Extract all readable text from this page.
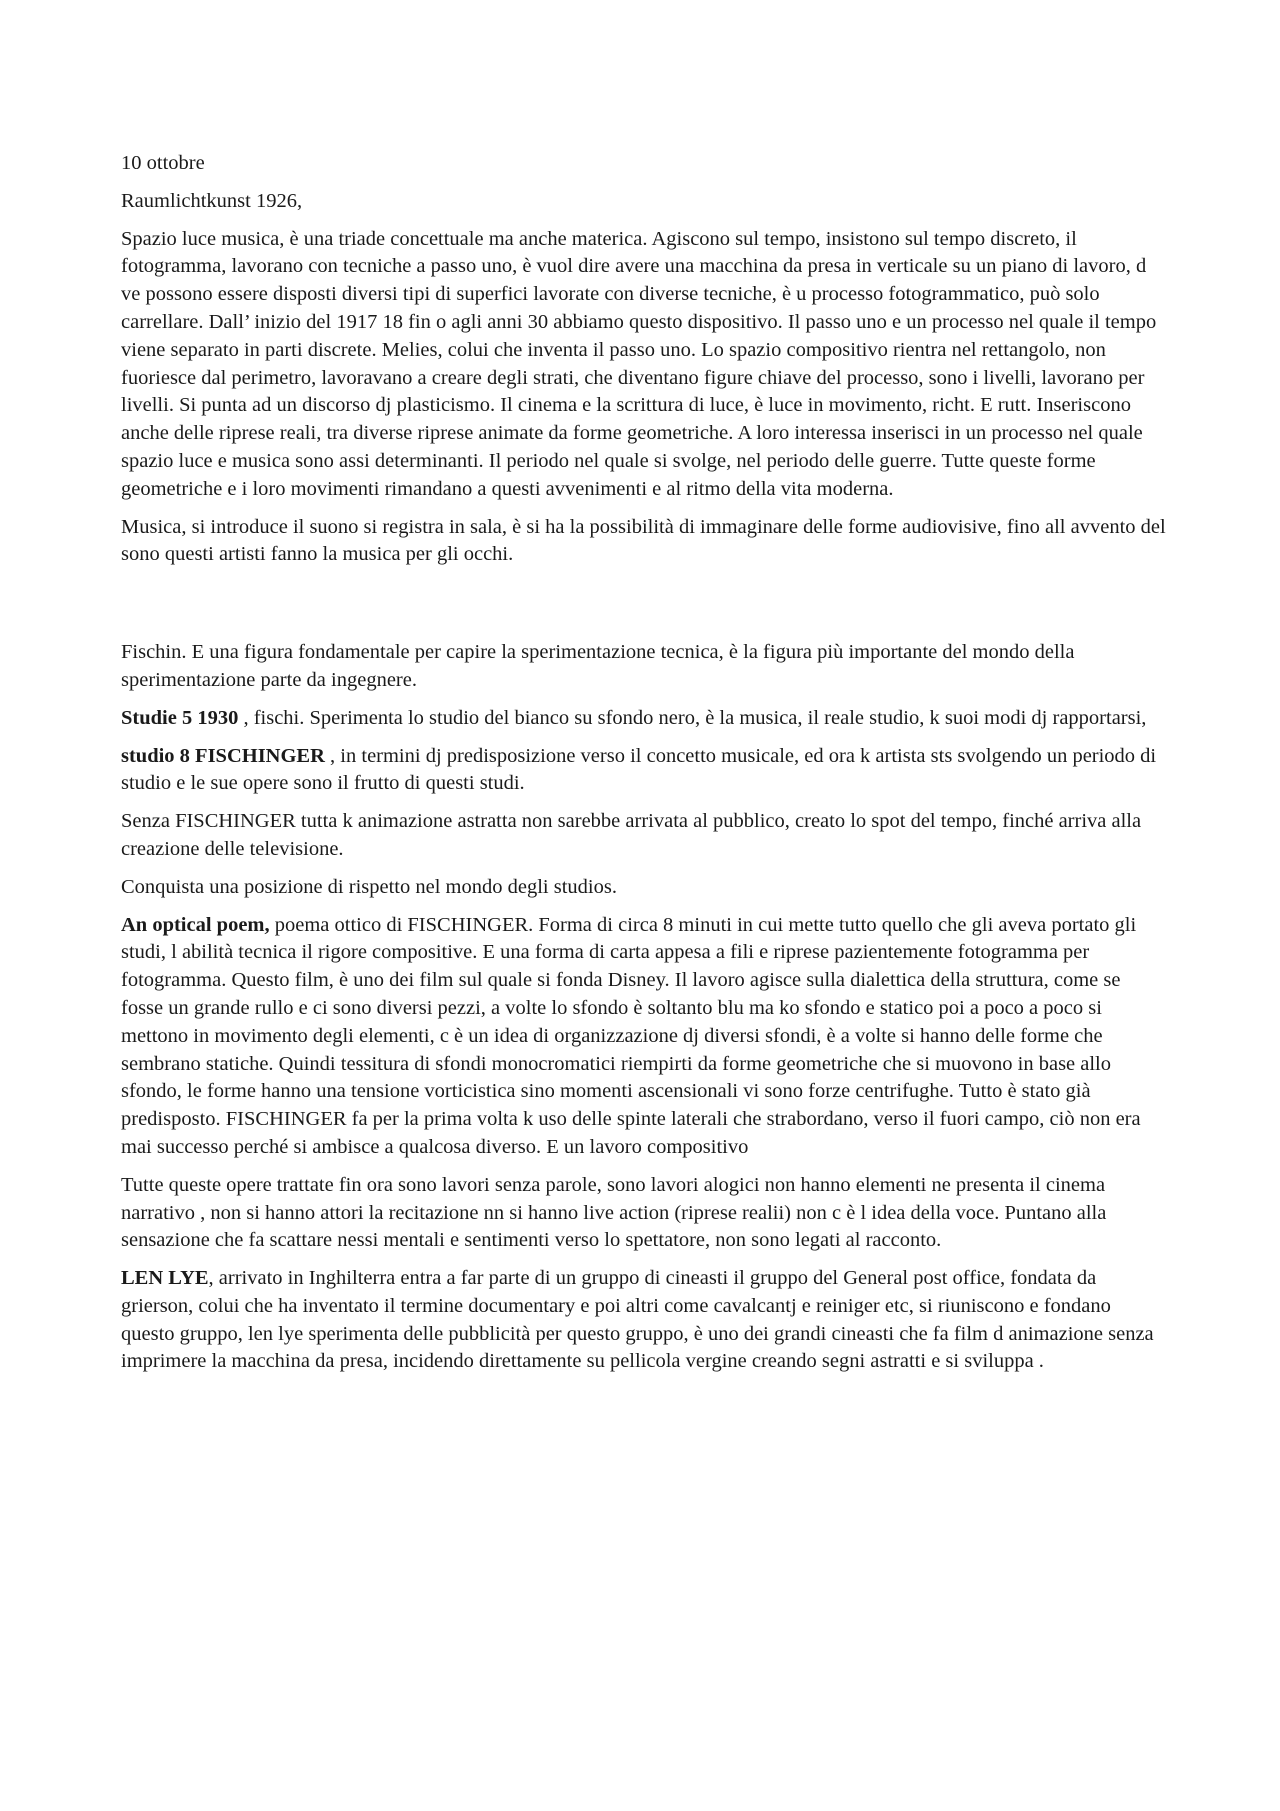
10 ottobre

Raumlichtkunst 1926,

Spazio luce musica, è una triade concettuale ma anche materica. Agiscono sul tempo, insistono sul tempo discreto, il fotogramma, lavorano con tecniche a passo uno, è vuol dire avere una macchina da presa in verticale su un piano di lavoro, d ve possono essere disposti diversi tipi di superfici lavorate con diverse tecniche, è u processo fotogrammatico, può solo carrellare. Dall’ inizio del 1917 18 fin o agli anni 30 abbiamo questo dispositivo. Il passo uno e un processo nel quale il tempo viene separato in parti discrete. Melies, colui che inventa il passo uno. Lo spazio compositivo rientra nel rettangolo, non fuoriesce dal perimetro, lavoravano a creare degli strati, che diventano figure chiave del processo, sono i livelli, lavorano per livelli. Si punta ad un discorso dj plasticismo. Il cinema e la scrittura di luce, è luce in movimento, richt. E rutt. Inseriscono anche delle riprese reali, tra diverse riprese animate da forme geometriche. A loro interessa inserisci in un processo nel quale spazio luce e musica sono assi determinanti. Il periodo nel quale si svolge, nel periodo delle guerre. Tutte queste forme geometriche e i loro movimenti rimandano a questi avvenimenti e al ritmo della vita moderna.

Musica, si introduce il suono si registra in sala, è si ha la possibilità di immaginare delle forme audiovisive, fino all avvento del sono questi artisti fanno la musica per gli occhi.

Fischin. E una figura fondamentale per capire la sperimentazione tecnica, è la figura più importante del mondo della sperimentazione parte da ingegnere.

Studie 5 1930 , fischi. Sperimenta lo studio del bianco su sfondo nero, è la musica, il reale studio, k suoi modi dj rapportarsi,

studio 8 FISCHINGER , in termini dj predisposizione verso il concetto musicale, ed ora k artista sts svolgendo un periodo di studio e le sue opere sono il frutto di questi studi.

Senza FISCHINGER tutta k animazione astratta non sarebbe arrivata al pubblico, creato lo spot del tempo, finché arriva alla creazione delle televisione.

Conquista una posizione di rispetto nel mondo degli studios.

An optical poem, poema ottico di FISCHINGER. Forma di circa 8 minuti in cui mette tutto quello che gli aveva portato gli studi, l abilità tecnica il rigore compositive. E una forma di carta appesa a fili e riprese pazientemente fotogramma per fotogramma. Questo film, è uno dei film sul quale si fonda Disney. Il lavoro agisce sulla dialettica della struttura, come se fosse un grande rullo e ci sono diversi pezzi, a volte lo sfondo è soltanto blu ma ko sfondo e statico poi a poco a poco si mettono in movimento degli elementi, c è un idea di organizzazione dj diversi sfondi, è a volte si hanno delle forme che sembrano statiche. Quindi tessitura di sfondi monocromatici riempirti da forme geometriche che si muovono in base allo sfondo, le forme hanno una tensione vorticistica sino momenti ascensionali vi sono forze centrifughe. Tutto è stato già predisposto. FISCHINGER fa per la prima volta k uso delle spinte laterali che strabordano, verso il fuori campo, ciò non era mai successo perché si ambisce a qualcosa diverso. E un lavoro compositivo

Tutte queste opere trattate fin ora sono lavori senza parole, sono lavori alogici non hanno elementi ne presenta il cinema narrativo , non si hanno attori la recitazione nn si hanno live action (riprese realii) non c è l idea della voce. Puntano alla sensazione che fa scattare nessi mentali e sentimenti verso lo spettatore, non sono legati al racconto.

LEN LYE, arrivato in Inghilterra entra a far parte di un gruppo di cineasti il gruppo del General post office, fondata da grierson, colui che ha inventato il termine documentary e poi altri come cavalcantj e reiniger etc, si riuniscono e fondano questo gruppo, len lye sperimenta delle pubblicità per questo gruppo, è uno dei grandi cineasti che fa film d animazione senza imprimere la macchina da presa, incidendo direttamente su pellicola vergine creando segni astratti e si sviluppa .
